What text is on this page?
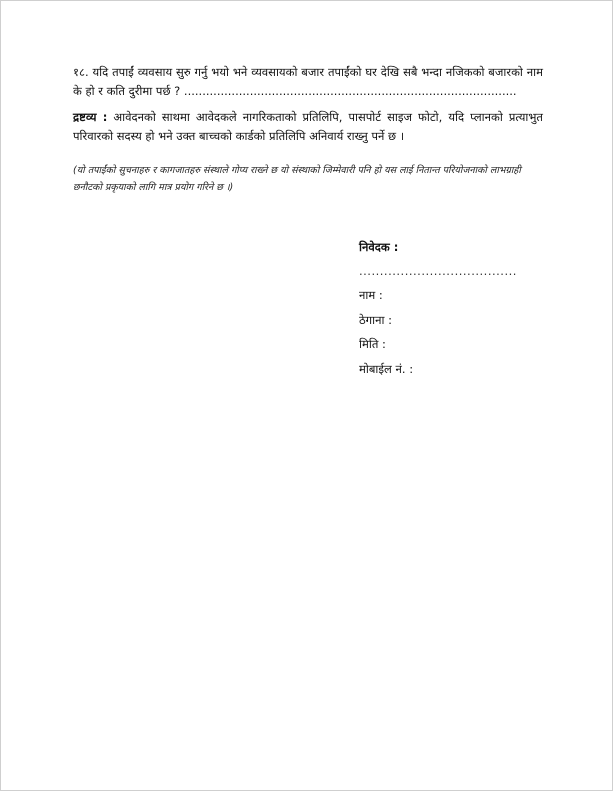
१८. यदि तपाईं व्यवसाय सुरु गर्नु भयो भने व्यवसायको बजार तपाईंको घर देखि सबै भन्दा नजिकको बजारको नाम के हो र कति दुरीमा पर्छ ? ...........................................................................................

द्रष्टव्य : आवेदनको साथमा आवेदकले नागरिकताको प्रतिलिपि, पासपोर्ट साइज फोटो, यदि प्लानको प्रत्याभुत परिवारको सदस्य हो भने उक्त बाच्चको कार्डको प्रतिलिपि अनिवार्य राख्नु पर्ने छ ।

(यो तपाईंको सुचनाहरु र कागजातहरु संस्थाले गोप्य राख्ने छ यो संस्थाको जिम्मेवारी पनि हो यस लाई नितान्त परियोजनाको लाभग्राही छनौटको प्रकृयाको लागि मात्र प्रयोग गरिने छ ।)

निवेदक :
......................................
नाम :
ठेगाना :
मिति :
मोबाईल नं. :
